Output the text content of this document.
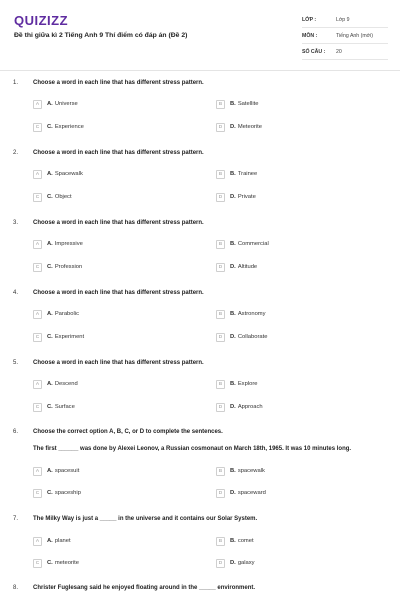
QUIZIZZ
Đề thi giữa kì 2 Tiếng Anh 9 Thí điểm có đáp án (Đề 2)
LỚP :	Lớp 9
MÔN :	Tiếng Anh (mới)
SỐ CÂU :	20
1. Choose a word in each line that has different stress pattern.
A	A. Universe	B	B. Satellite
C	C. Experience	D	D. Meteorite
2. Choose a word in each line that has different stress pattern.
A	A. Spacewalk	B	B. Trainee
C	C. Object	D	D. Private
3. Choose a word in each line that has different stress pattern.
A	A. Impressive	B	B. Commercial
C	C. Profession	D	D. Altitude
4. Choose a word in each line that has different stress pattern.
A	A. Parabolic	B	B. Astronomy
C	C. Experiment	D	D. Collaborate
5. Choose a word in each line that has different stress pattern.
A	A. Descend	B	B. Explore
C	C. Surface	D	D. Approach
6. Choose the correct option A, B, C, or D to complete the sentences.
The first ______ was done by Alexei Leonov, a Russian cosmonaut on March 18th, 1965. It was 10 minutes long.
A	A. spacesuit	B	B. spacewalk
C	C. spaceship	D	D. spaceward
7. The Milky Way is just a _____ in the universe and it contains our Solar System.
A	A. planet	B	B. comet
C	C. meteorite	D	D. galaxy
8. Christer Fuglesang said he enjoyed floating around in the _____ environment.
